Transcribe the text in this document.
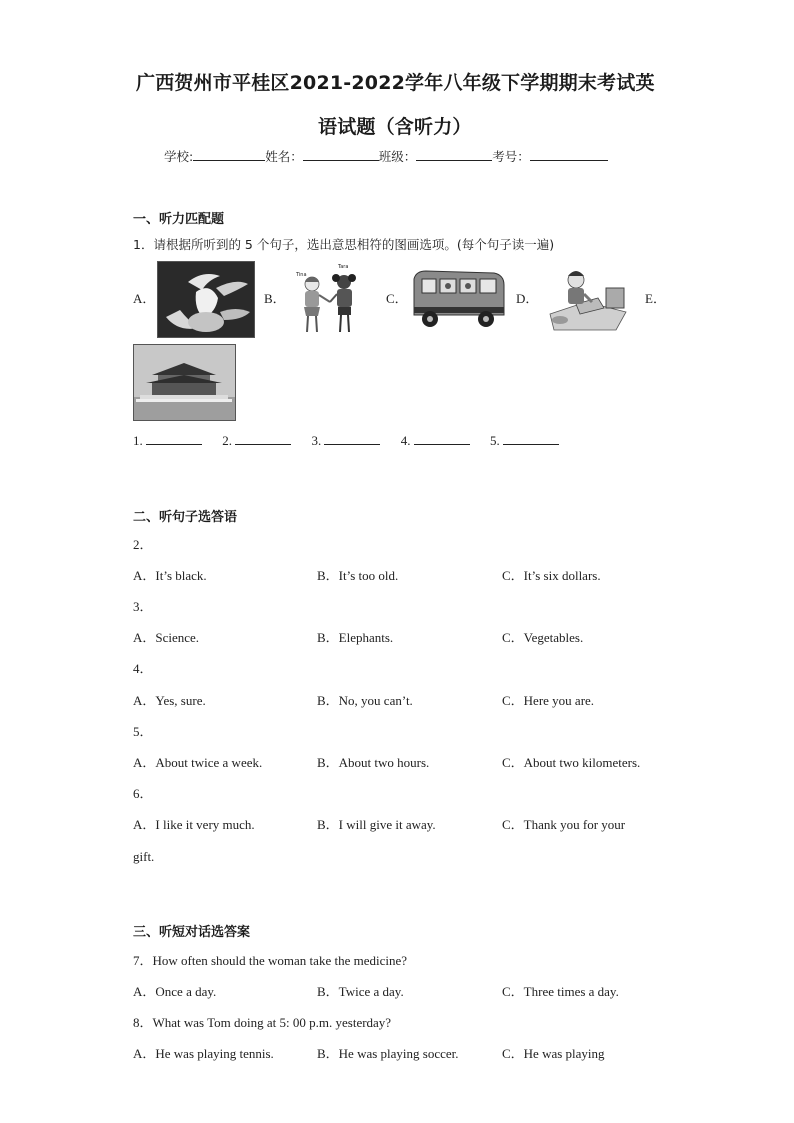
广西贺州市平桂区2021-2022学年八年级下学期期末考试英
语试题（含听力）
学校:	姓名：	班级：	考号：
一、听力匹配题
1．请根据所听到的 5 个句子，选出意思相符的图画选项。(每个句子读一遍)
A．	B．	C．	D．	E．
Tina
Tara
1.	2.	3.	4.	5.
二、听句子选答语
2．
A．It’s black.	B．It’s too old.	C．It’s six dollars.
3．
A．Science.	B．Elephants.	C．Vegetables.
4．
A．Yes, sure.	B．No, you can’t.	C．Here you are.
5．
A．About twice a week.	B．About two hours.	C．About two kilometers.
6．
A．I like it very much.	B．I will give it away.	C．Thank you for your
gift.
三、听短对话选答案
7．How often should the woman take the medicine?
A．Once a day.	B．Twice a day.	C．Three times a day.
8．What was Tom doing at 5: 00 p.m. yesterday?
A．He was playing tennis.	B．He was playing soccer.	C．He was playing
